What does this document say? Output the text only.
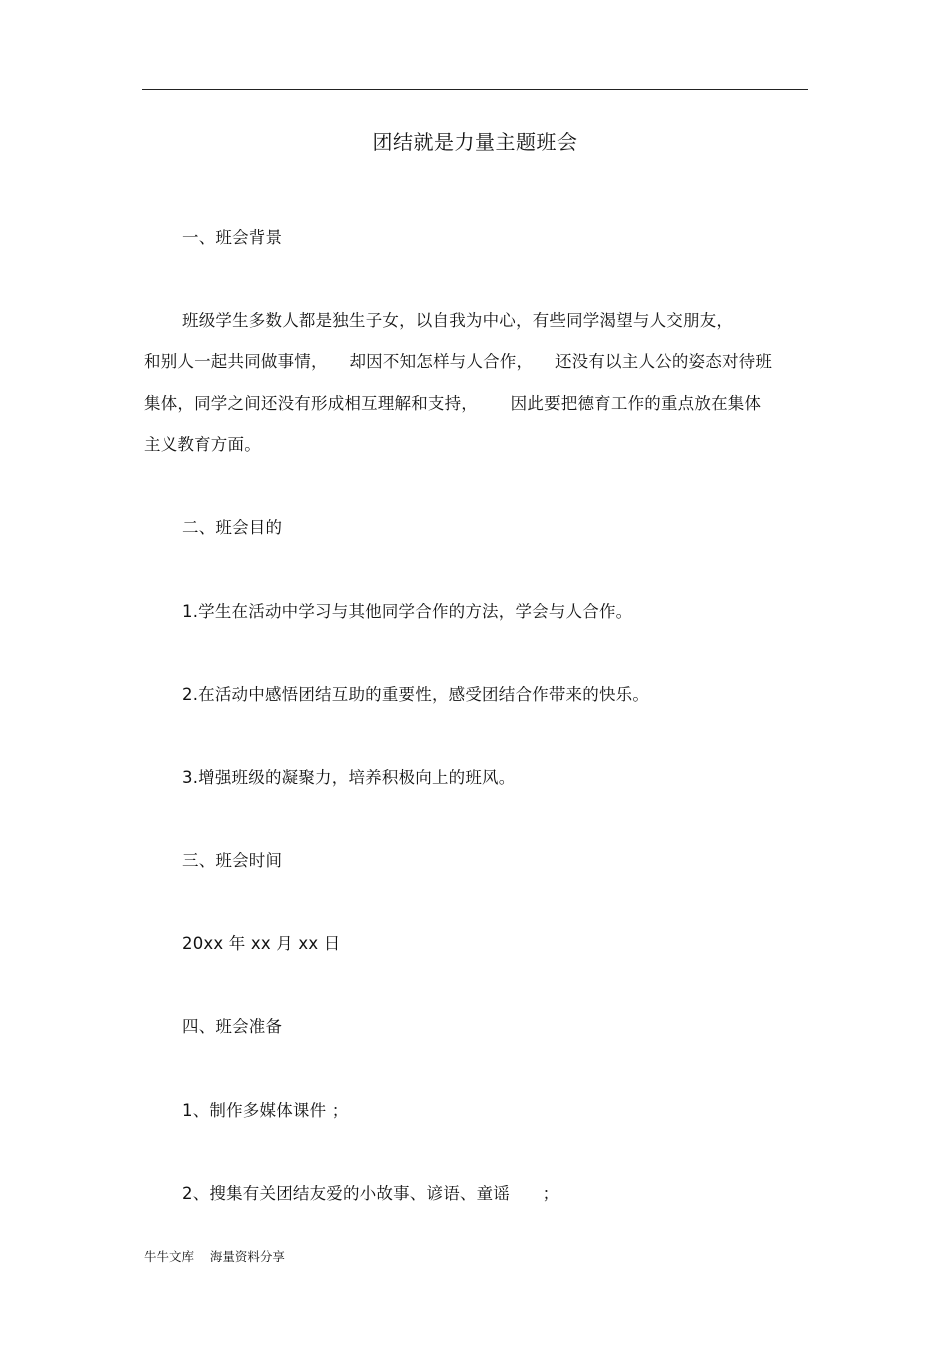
团结就是力量主题班会
一、班会背景
班级学生多数人都是独生子女，以自我为中心，有些同学渴望与人交朋友，
和别人一起共同做事情，    却因不知怎样与人合作，    还没有以主人公的姿态对待班
集体，同学之间还没有形成相互理解和支持，      因此要把德育工作的重点放在集体
主义教育方面。
二、班会目的
1.学生在活动中学习与其他同学合作的方法，学会与人合作。
2.在活动中感悟团结互助的重要性，感受团结合作带来的快乐。
3.增强班级的凝聚力，培养积极向上的班风。
三、班会时间
20xx 年 xx 月 xx 日
四、班会准备
1、制作多媒体课件 ；
2、搜集有关团结友爱的小故事、谚语、童谣      ；
牛牛文库    海量资料分享
